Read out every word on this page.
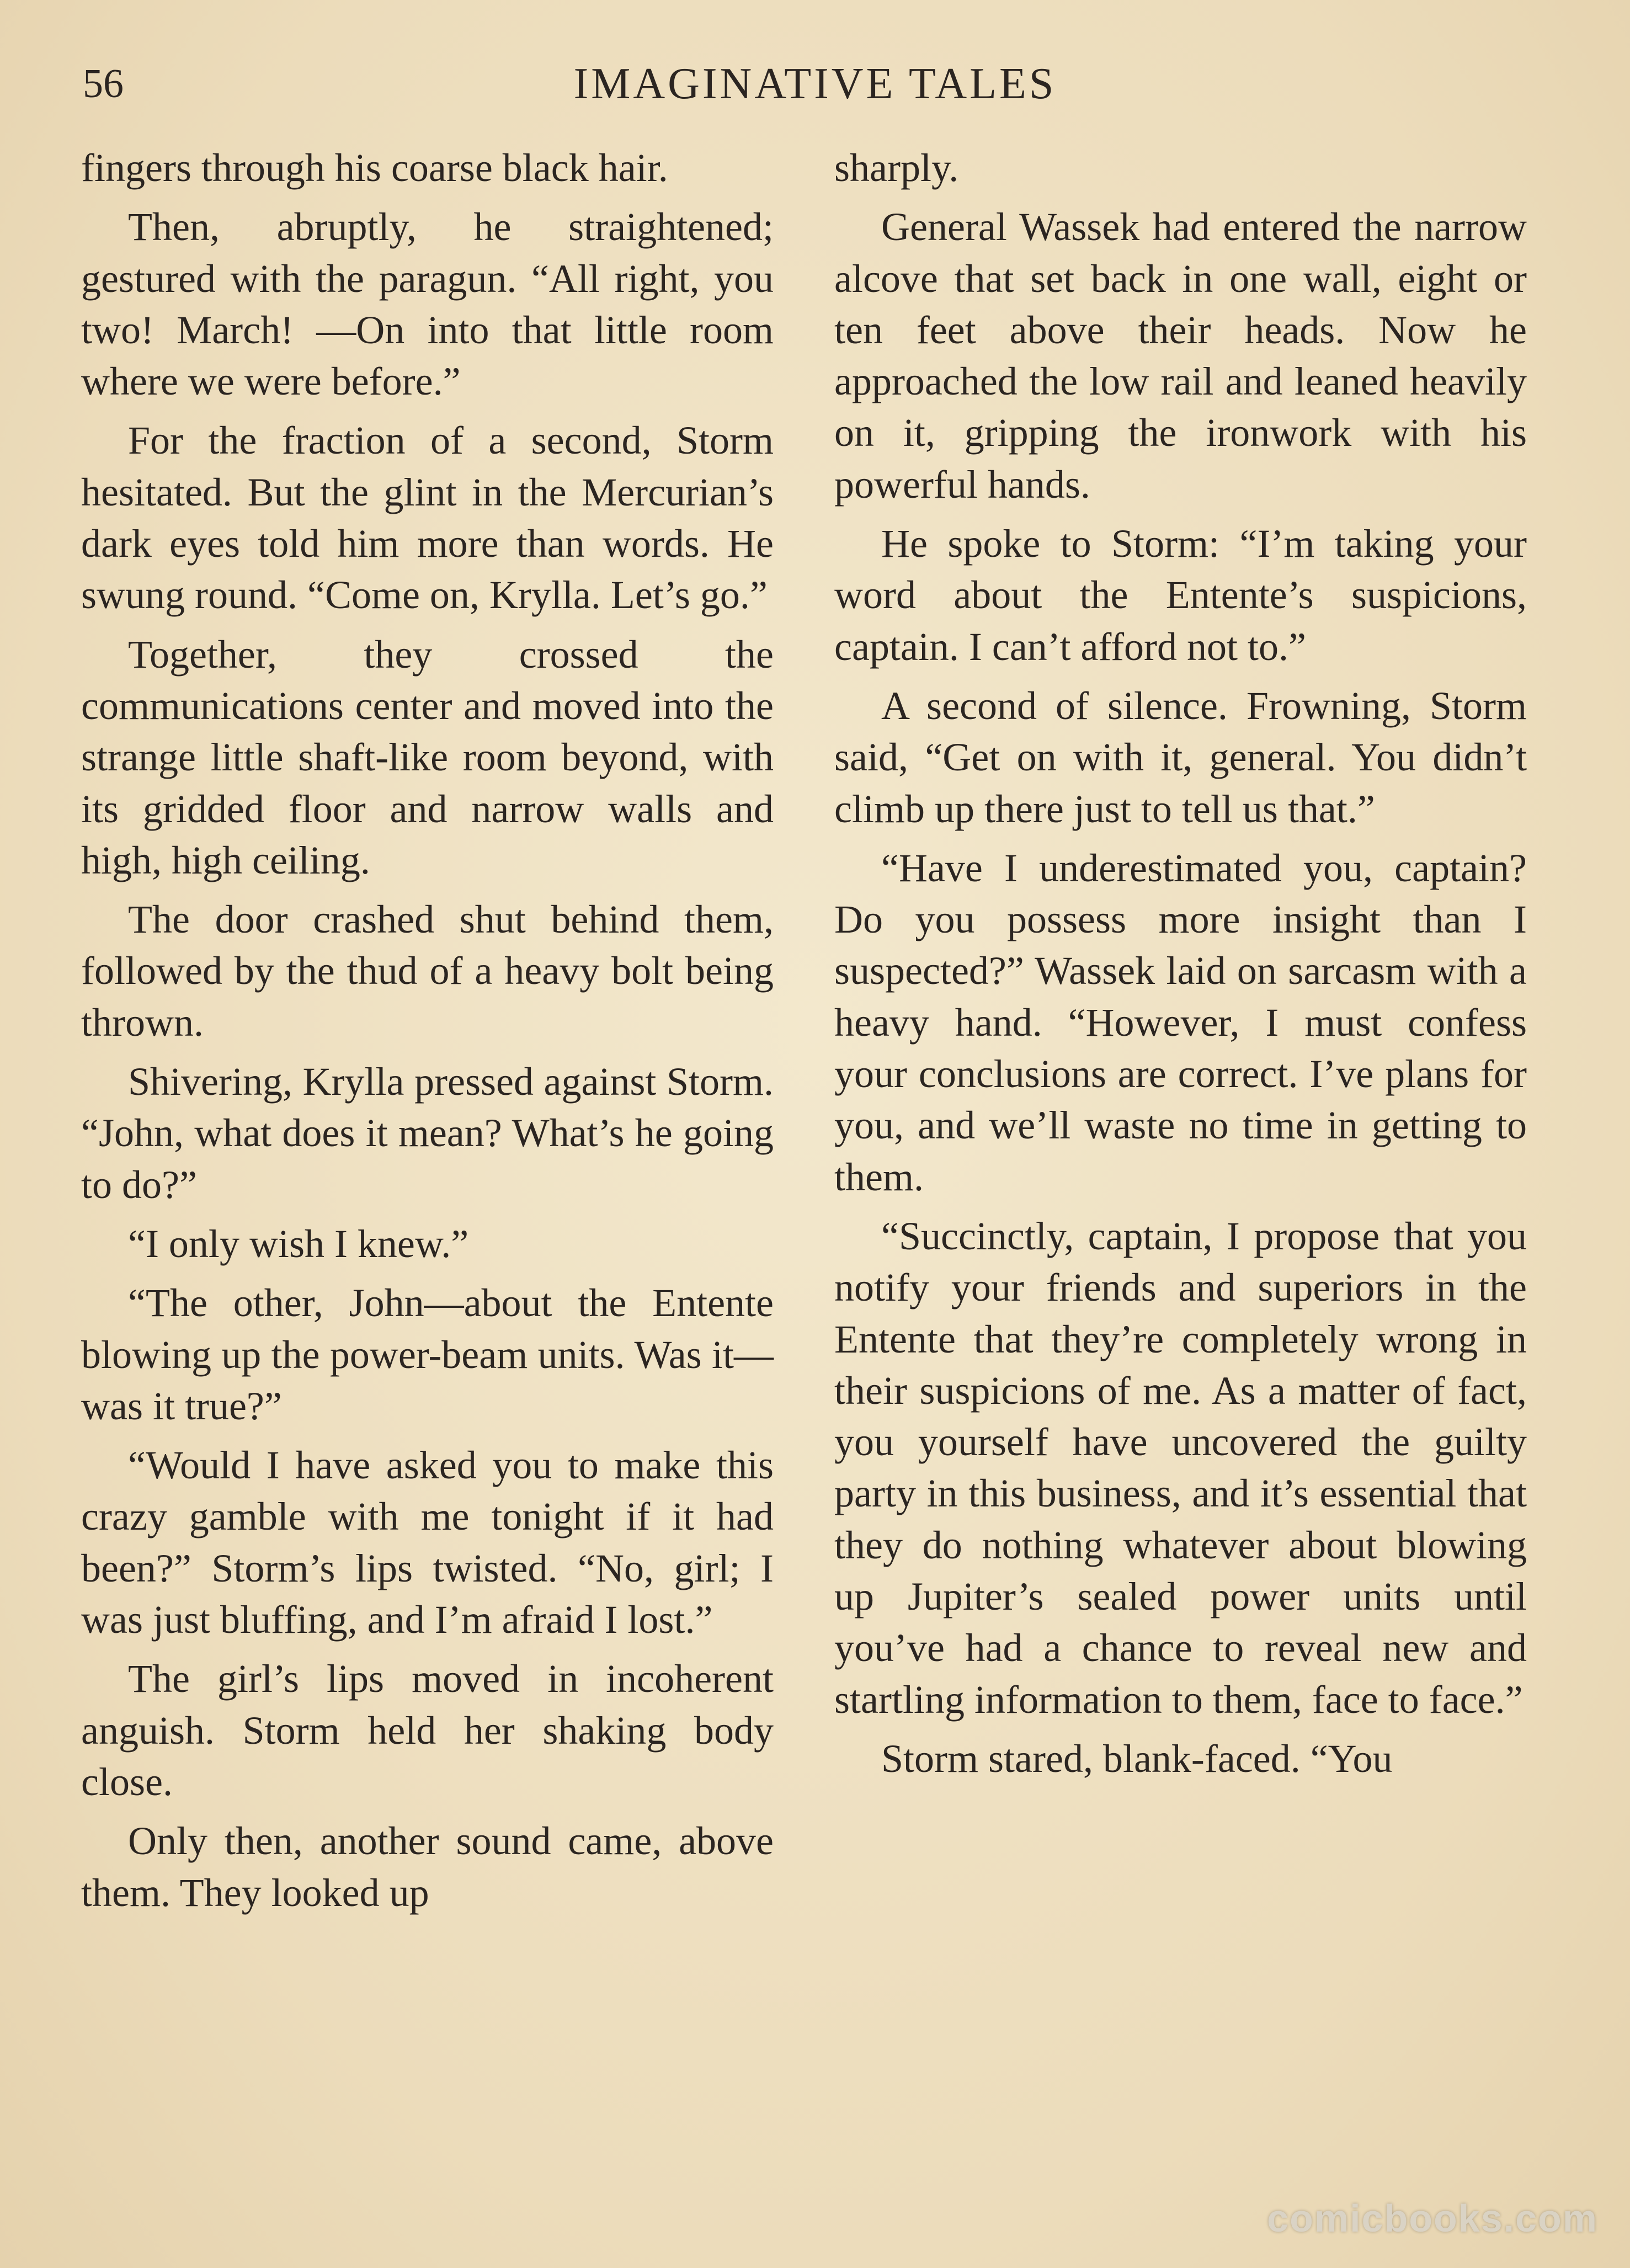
56	IMAGINATIVE TALES

fingers through his coarse black hair.

Then, abruptly, he straightened; gestured with the paragun. “All right, you two! March! —On into that little room where we were before.”

For the fraction of a second, Storm hesitated. But the glint in the Mercurian’s dark eyes told him more than words. He swung round. “Come on, Krylla. Let’s go.”

Together, they crossed the communications center and moved into the strange little shaft-like room beyond, with its gridded floor and narrow walls and high, high ceiling.

The door crashed shut behind them, followed by the thud of a heavy bolt being thrown.

Shivering, Krylla pressed against Storm. “John, what does it mean? What’s he going to do?”

“I only wish I knew.”

“The other, John—about the Entente blowing up the power-beam units. Was it—was it true?”

“Would I have asked you to make this crazy gamble with me tonight if it had been?” Storm’s lips twisted. “No, girl; I was just bluffing, and I’m afraid I lost.”

The girl’s lips moved in incoherent anguish. Storm held her shaking body close.

Only then, another sound came, above them. They looked up

sharply.

General Wassek had entered the narrow alcove that set back in one wall, eight or ten feet above their heads. Now he approached the low rail and leaned heavily on it, gripping the ironwork with his powerful hands.

He spoke to Storm: “I’m taking your word about the Entente’s suspicions, captain. I can’t afford not to.”

A second of silence. Frowning, Storm said, “Get on with it, general. You didn’t climb up there just to tell us that.”

“Have I underestimated you, captain? Do you possess more insight than I suspected?” Wassek laid on sarcasm with a heavy hand. “However, I must confess your conclusions are correct. I’ve plans for you, and we’ll waste no time in getting to them.

“Succinctly, captain, I propose that you notify your friends and superiors in the Entente that they’re completely wrong in their suspicions of me. As a matter of fact, you yourself have uncovered the guilty party in this business, and it’s essential that they do nothing whatever about blowing up Jupiter’s sealed power units until you’ve had a chance to reveal new and startling information to them, face to face.”

Storm stared, blank-faced. “You

comicbooks.com
